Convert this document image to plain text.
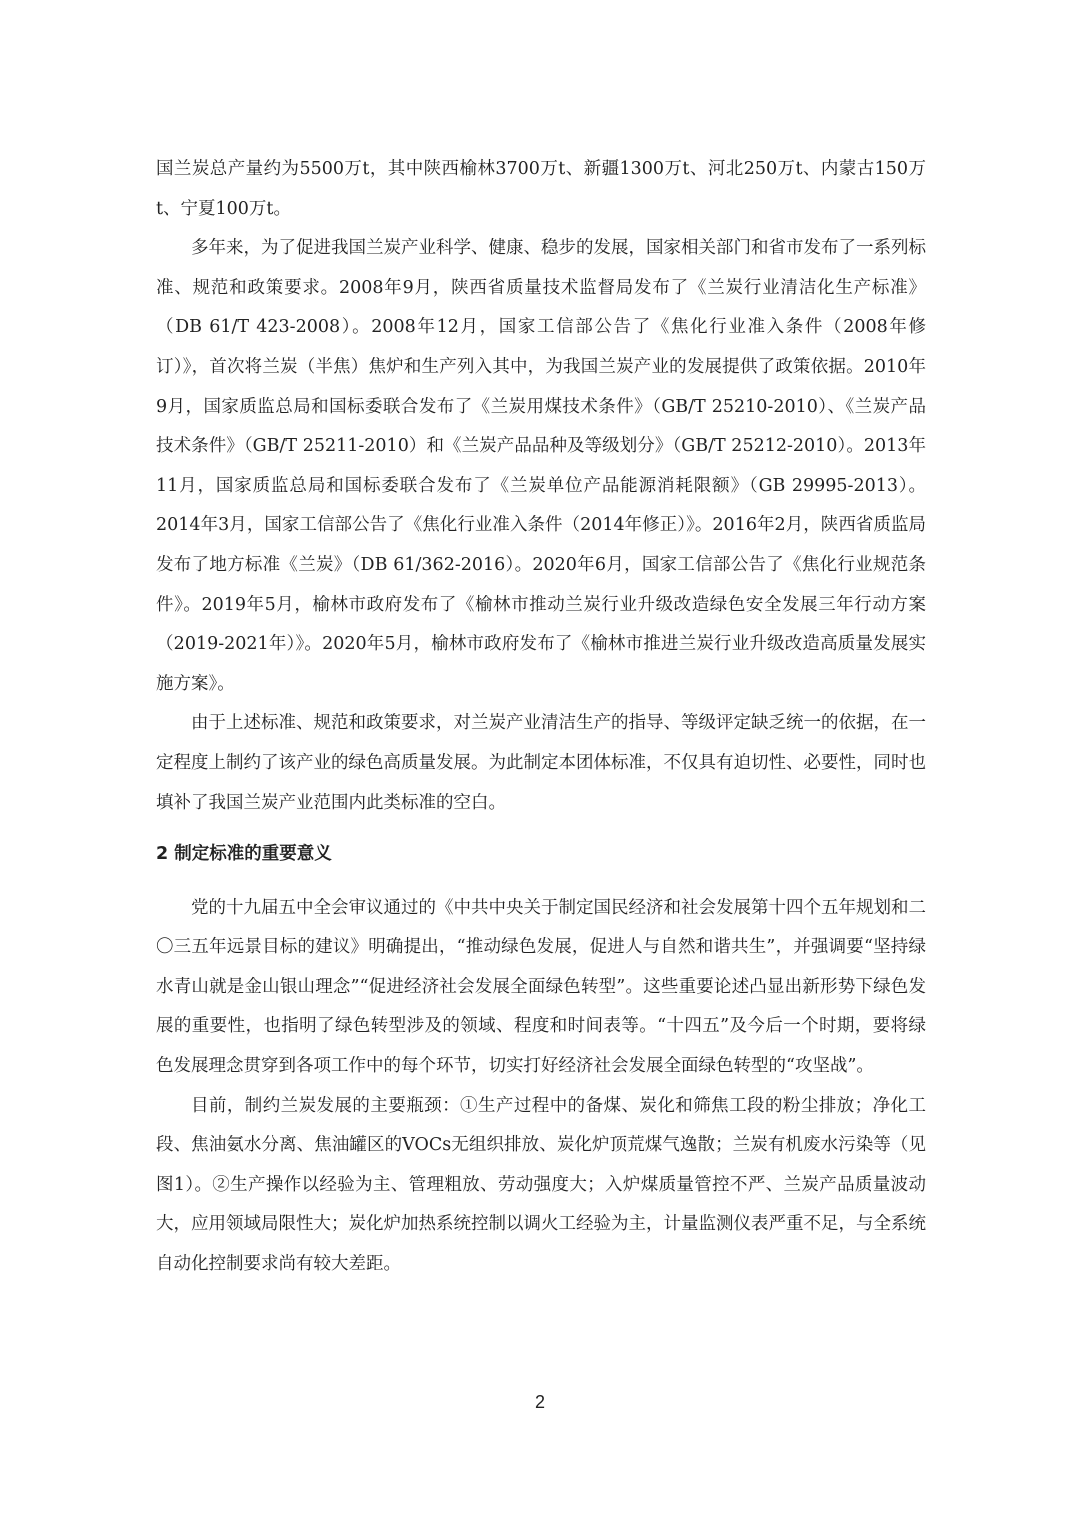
国兰炭总产量约为5500万t，其中陕西榆林3700万t、新疆1300万t、河北250万t、内蒙古150万t、宁夏100万t。

多年来，为了促进我国兰炭产业科学、健康、稳步的发展，国家相关部门和省市发布了一系列标准、规范和政策要求。2008年9月，陕西省质量技术监督局发布了《兰炭行业清洁化生产标准》（DB 61/T 423-2008）。2008年12月，国家工信部公告了《焦化行业准入条件（2008年修订）》，首次将兰炭（半焦）焦炉和生产列入其中，为我国兰炭产业的发展提供了政策依据。2010年9月，国家质监总局和国标委联合发布了《兰炭用煤技术条件》（GB/T 25210-2010）、《兰炭产品技术条件》（GB/T 25211-2010）和《兰炭产品品种及等级划分》（GB/T 25212-2010）。2013年11月，国家质监总局和国标委联合发布了《兰炭单位产品能源消耗限额》（GB 29995-2013）。2014年3月，国家工信部公告了《焦化行业准入条件（2014年修正）》。2016年2月，陕西省质监局发布了地方标准《兰炭》（DB 61/362-2016）。2020年6月，国家工信部公告了《焦化行业规范条件》。2019年5月，榆林市政府发布了《榆林市推动兰炭行业升级改造绿色安全发展三年行动方案（2019-2021年）》。2020年5月，榆林市政府发布了《榆林市推进兰炭行业升级改造高质量发展实施方案》。

由于上述标准、规范和政策要求，对兰炭产业清洁生产的指导、等级评定缺乏统一的依据，在一定程度上制约了该产业的绿色高质量发展。为此制定本团体标准，不仅具有迫切性、必要性，同时也填补了我国兰炭产业范围内此类标准的空白。

2 制定标准的重要意义

党的十九届五中全会审议通过的《中共中央关于制定国民经济和社会发展第十四个五年规划和二〇三五年远景目标的建议》明确提出，“推动绿色发展，促进人与自然和谐共生”，并强调要“坚持绿水青山就是金山银山理念”“促进经济社会发展全面绿色转型”。这些重要论述凸显出新形势下绿色发展的重要性，也指明了绿色转型涉及的领域、程度和时间表等。“十四五”及今后一个时期，要将绿色发展理念贯穿到各项工作中的每个环节，切实打好经济社会发展全面绿色转型的“攻坚战”。

目前，制约兰炭发展的主要瓶颈：①生产过程中的备煤、炭化和筛焦工段的粉尘排放；净化工段、焦油氨水分离、焦油罐区的VOCs无组织排放、炭化炉顶荒煤气逸散；兰炭有机废水污染等（见图1）。②生产操作以经验为主、管理粗放、劳动强度大；入炉煤质量管控不严、兰炭产品质量波动大，应用领域局限性大；炭化炉加热系统控制以调火工经验为主，计量监测仪表严重不足，与全系统自动化控制要求尚有较大差距。

2
